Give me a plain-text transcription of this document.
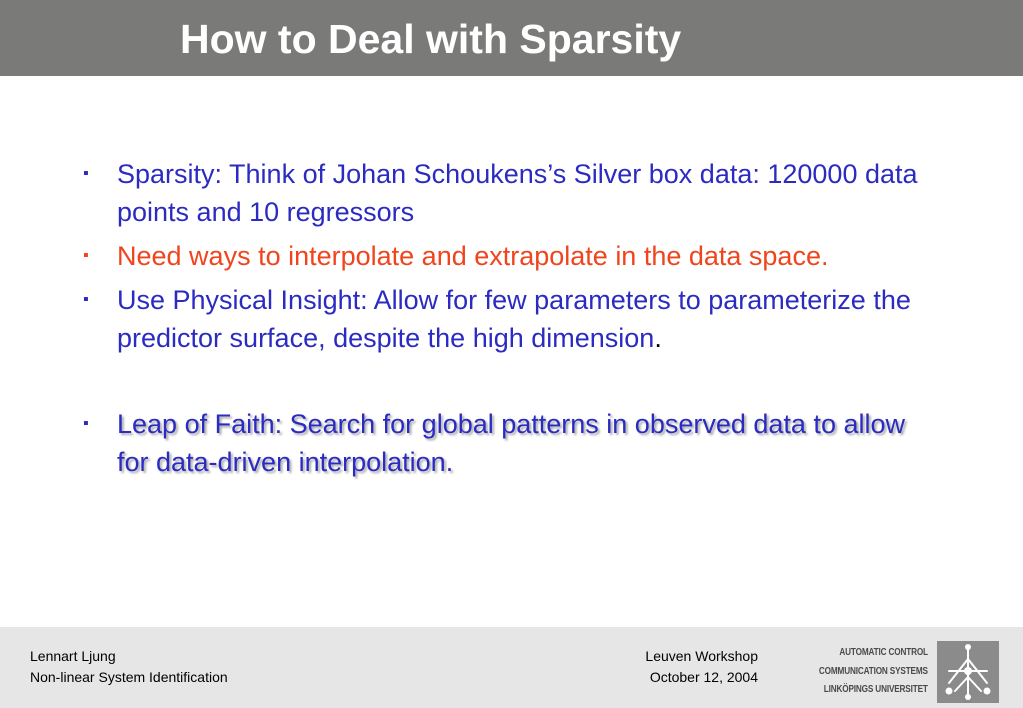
How to Deal with Sparsity
▪ Sparsity: Think of Johan Schoukens’s Silver box data: 120000 data points and 10 regressors
▪ Need ways to interpolate and extrapolate in the data space.
▪ Use Physical Insight: Allow for few parameters to parameterize the predictor surface, despite the high dimension.
▪ Leap of Faith: Search for global patterns in observed data to allow for data-driven interpolation.
Lennart Ljung
Non-linear System Identification
Leuven Workshop
October 12, 2004
AUTOMATIC CONTROL
COMMUNICATION SYSTEMS
LINKÖPINGS UNIVERSITET
